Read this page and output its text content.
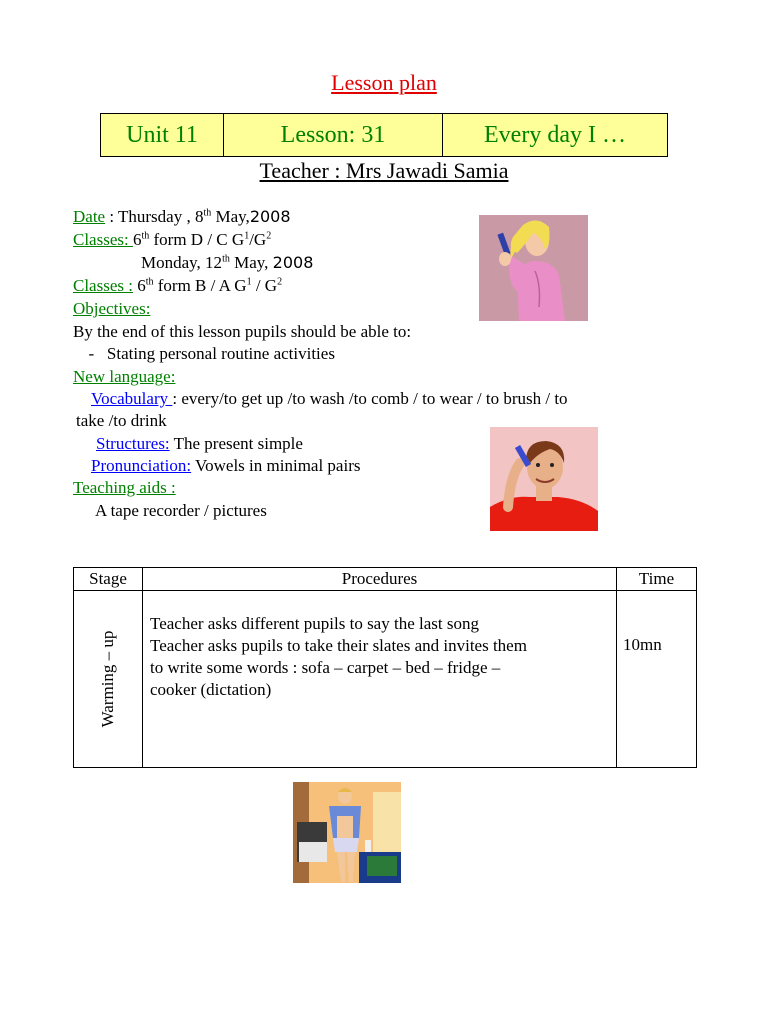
Lesson plan
Unit 11	Lesson: 31	Every day I …
Teacher : Mrs Jawadi Samia
Date : Thursday , 8th May,2008
Classes: 6th form D / C $G^1/G^2$
Monday, 12th May, 2008
Classes : 6th form B / A $G^1 / G^2$
Objectives:
By the end of this lesson pupils should be able to:
-   Stating personal routine activities
New language:
Vocabulary : every/to get up /to wash /to comb / to wear / to brush / to
take /to drink
Structures: The present simple
Pronunciation: Vowels in minimal pairs
Teaching aids :
A tape recorder / pictures
Stage	Procedures	Time

Warming – up	Teacher asks different pupils to say the last song
Teacher asks pupils to take their slates and invites them
to write some words : sofa – carpet – bed – fridge –
cooker (dictation)	10mn
